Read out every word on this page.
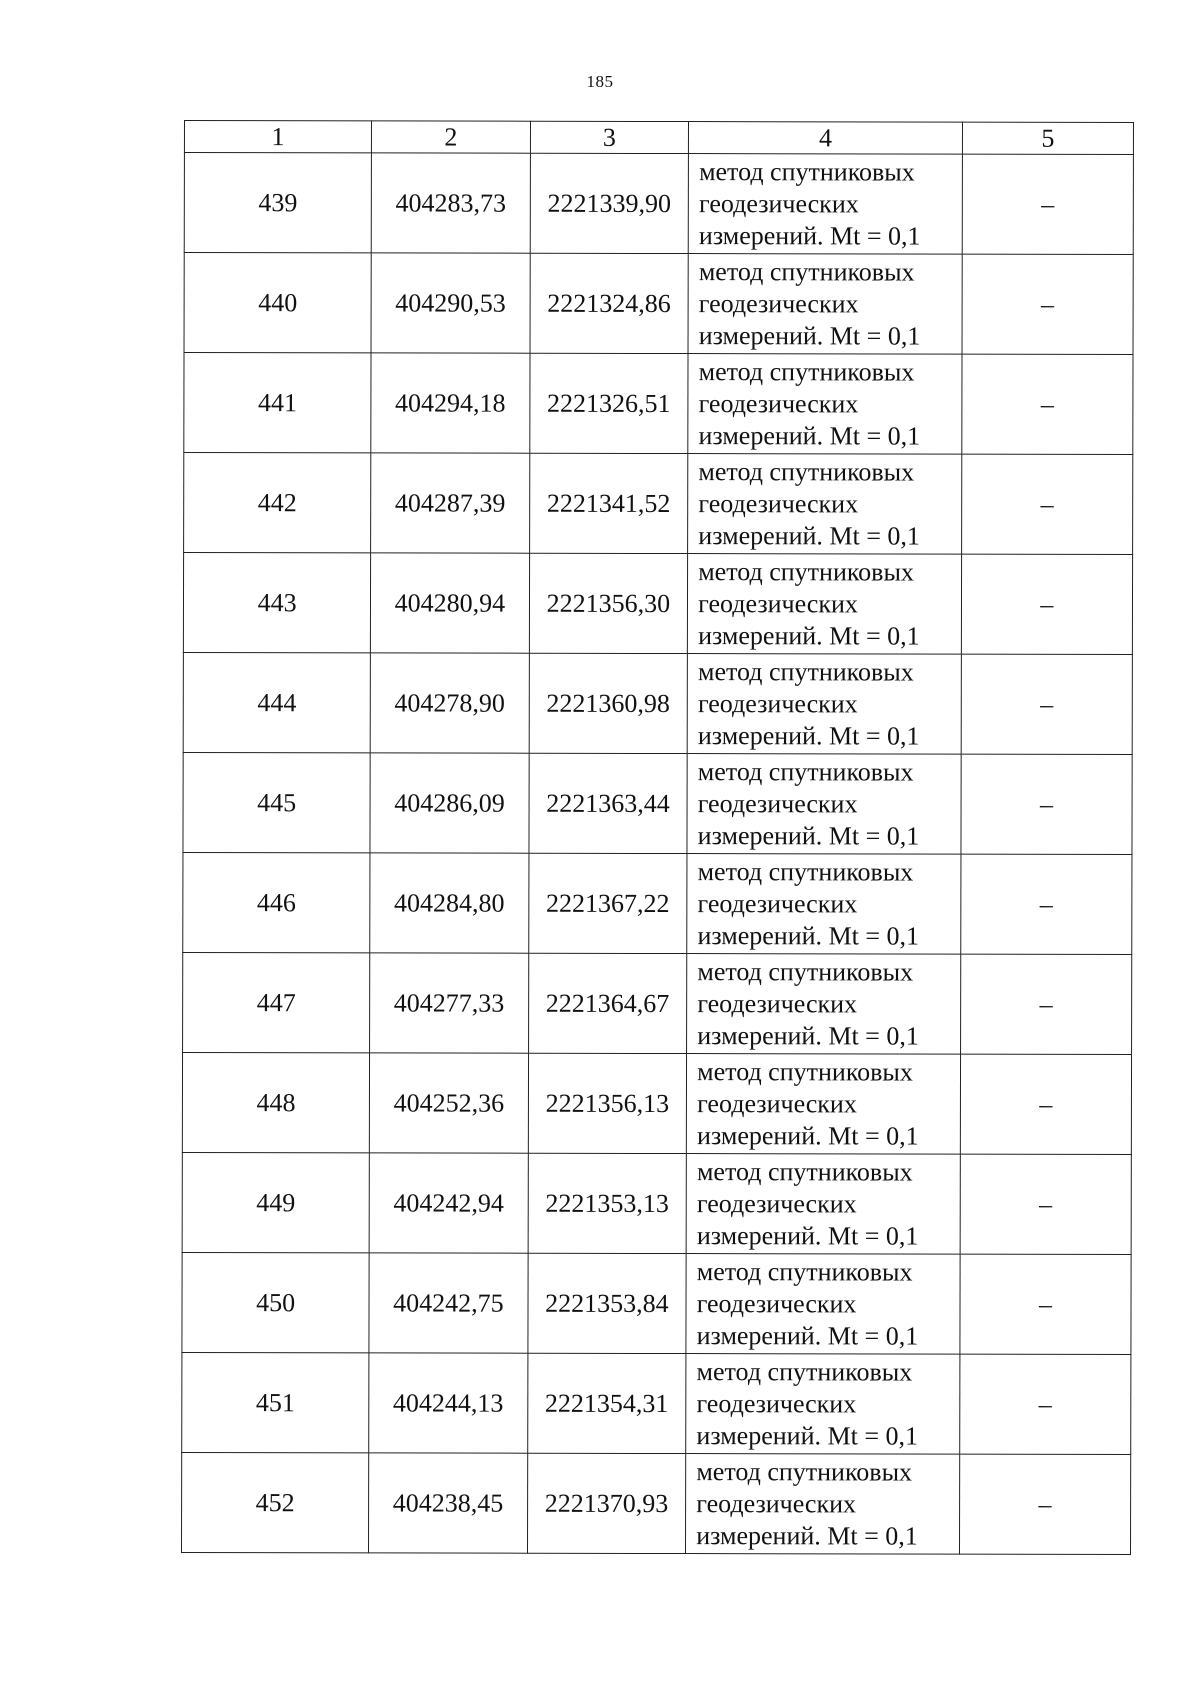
185
1	2	3	4	5
439	404283,73	2221339,90	метод спутниковых
геодезических
измерений. Mt = 0,1	–
440	404290,53	2221324,86	метод спутниковых
геодезических
измерений. Mt = 0,1	–
441	404294,18	2221326,51	метод спутниковых
геодезических
измерений. Mt = 0,1	–
442	404287,39	2221341,52	метод спутниковых
геодезических
измерений. Mt = 0,1	–
443	404280,94	2221356,30	метод спутниковых
геодезических
измерений. Mt = 0,1	–
444	404278,90	2221360,98	метод спутниковых
геодезических
измерений. Mt = 0,1	–
445	404286,09	2221363,44	метод спутниковых
геодезических
измерений. Mt = 0,1	–
446	404284,80	2221367,22	метод спутниковых
геодезических
измерений. Mt = 0,1	–
447	404277,33	2221364,67	метод спутниковых
геодезических
измерений. Mt = 0,1	–
448	404252,36	2221356,13	метод спутниковых
геодезических
измерений. Mt = 0,1	–
449	404242,94	2221353,13	метод спутниковых
геодезических
измерений. Mt = 0,1	–
450	404242,75	2221353,84	метод спутниковых
геодезических
измерений. Mt = 0,1	–
451	404244,13	2221354,31	метод спутниковых
геодезических
измерений. Mt = 0,1	–
452	404238,45	2221370,93	метод спутниковых
геодезических
измерений. Mt = 0,1	–
